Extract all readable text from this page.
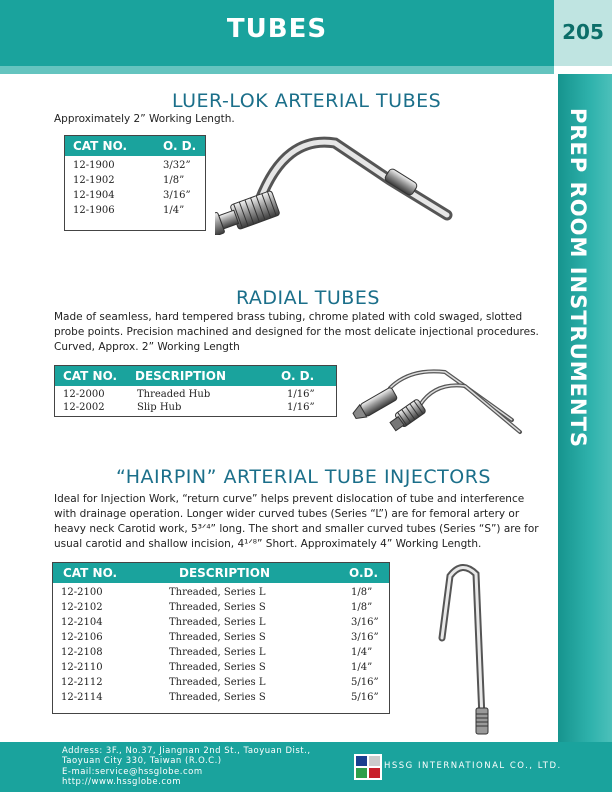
TUBES	205
PREP ROOM INSTRUMENTS
LUER-LOK ARTERIAL TUBES
Approximately 2” Working Length.
CAT NO.	O. D.
12-1900	3/32”
12-1902	1/8”
12-1904	3/16”
12-1906	1/4”
RADIAL TUBES
Made of seamless, hard tempered brass tubing, chrome plated with cold swaged, slotted
probe points. Precision machined and designed for the most delicate injectional procedures.
Curved, Approx. 2” Working Length
CAT NO. DESCRIPTION	O. D.
12-2000	Threaded Hub	1/16”
12-2002	Slip Hub	1/16”
“HAIRPIN” ARTERIAL TUBE INJECTORS
Ideal for Injection Work, “return curve” helps prevent dislocation of tube and interference
with drainage operation. Longer wider curved tubes (Series “L”) are for femoral artery or
heavy neck Carotid work, 5³ᐟ⁴” long. The short and smaller curved tubes (Series “S”) are for
usual carotid and shallow incision, 4¹ᐟ⁸” Short. Approximately 4” Working Length.
CAT NO.	DESCRIPTION	O.D.
12-2100	Threaded, Series L	1/8”
12-2102	Threaded, Series S	1/8”
12-2104	Threaded, Series L	3/16”
12-2106	Threaded, Series S	3/16”
12-2108	Threaded, Series L	1/4”
12-2110	Threaded, Series S	1/4”
12-2112	Threaded, Series L	5/16”
12-2114	Threaded, Series S	5/16”
Address: 3F., No.37, Jiangnan 2nd St., Taoyuan Dist.,
Taoyuan City 330, Taiwan (R.O.C.)
E-mail:service@hssglobe.com
http://www.hssglobe.com
HSSG INTERNATIONAL CO., LTD.
